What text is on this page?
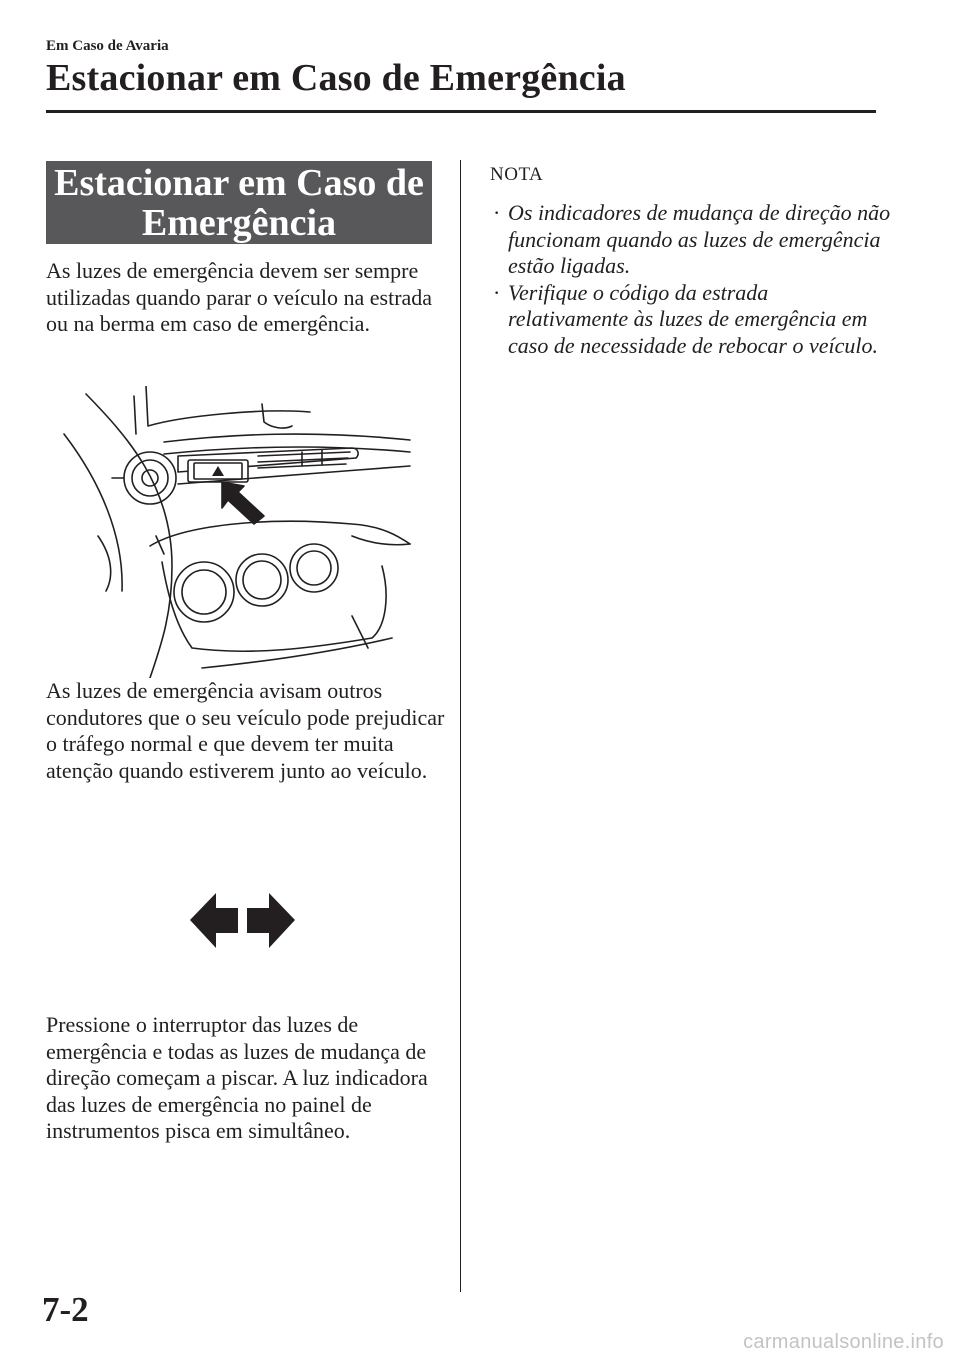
Em Caso de Avaria
Estacionar em Caso de Emergência
Estacionar em Caso de
Emergência

As luzes de emergência devem ser sempre utilizadas quando parar o veículo na estrada ou na berma em caso de emergência.

As luzes de emergência avisam outros condutores que o seu veículo pode prejudicar o tráfego normal e que devem ter muita atenção quando estiverem junto ao veículo.

Pressione o interruptor das luzes de emergência e todas as luzes de mudança de direção começam a piscar. A luz indicadora das luzes de emergência no painel de instrumentos pisca em simultâneo.

NOTA
· Os indicadores de mudança de direção não funcionam quando as luzes de emergência estão ligadas.
· Verifique o código da estrada relativamente às luzes de emergência em caso de necessidade de rebocar o veículo.
7-2
carmanualsonline.info
